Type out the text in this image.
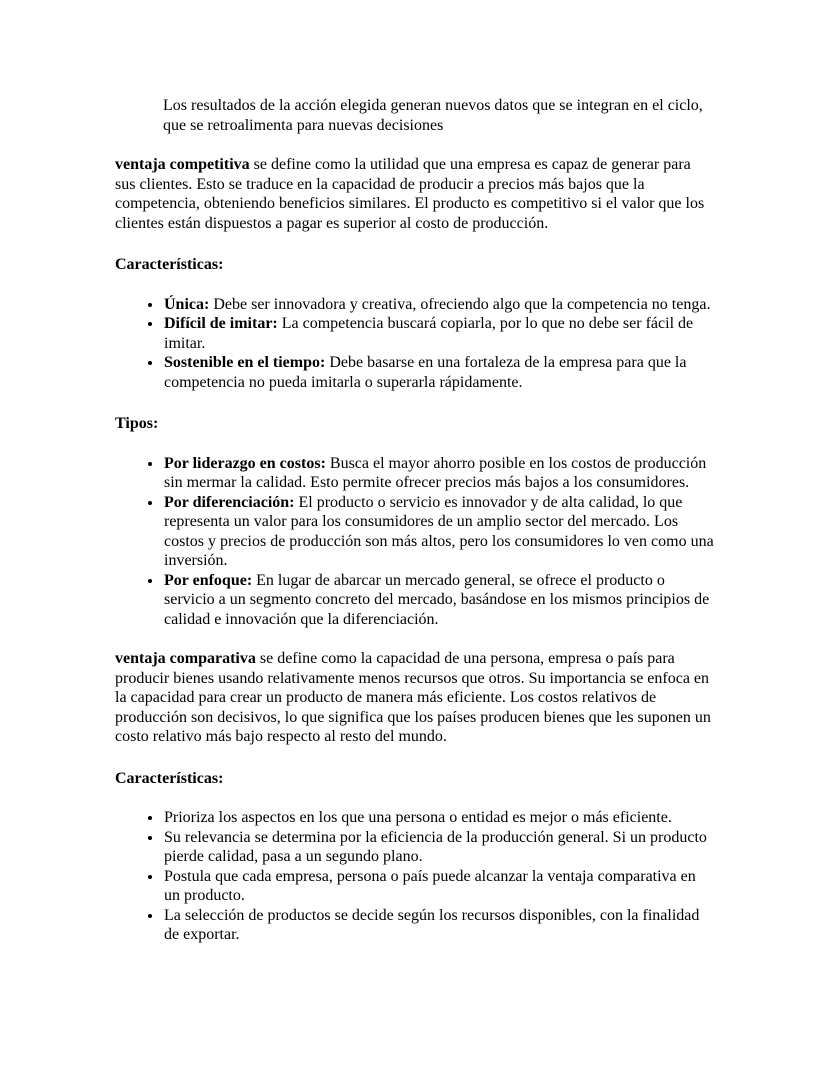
Los resultados de la acción elegida generan nuevos datos que se integran en el ciclo, que se retroalimenta para nuevas decisiones

ventaja competitiva se define como la utilidad que una empresa es capaz de generar para sus clientes. Esto se traduce en la capacidad de producir a precios más bajos que la competencia, obteniendo beneficios similares. El producto es competitivo si el valor que los clientes están dispuestos a pagar es superior al costo de producción.

Características:

• Única: Debe ser innovadora y creativa, ofreciendo algo que la competencia no tenga.
• Difícil de imitar: La competencia buscará copiarla, por lo que no debe ser fácil de imitar.
• Sostenible en el tiempo: Debe basarse en una fortaleza de la empresa para que la competencia no pueda imitarla o superarla rápidamente.

Tipos:

• Por liderazgo en costos: Busca el mayor ahorro posible en los costos de producción sin mermar la calidad. Esto permite ofrecer precios más bajos a los consumidores.
• Por diferenciación: El producto o servicio es innovador y de alta calidad, lo que representa un valor para los consumidores de un amplio sector del mercado. Los costos y precios de producción son más altos, pero los consumidores lo ven como una inversión.
• Por enfoque: En lugar de abarcar un mercado general, se ofrece el producto o servicio a un segmento concreto del mercado, basándose en los mismos principios de calidad e innovación que la diferenciación.

ventaja comparativa se define como la capacidad de una persona, empresa o país para producir bienes usando relativamente menos recursos que otros. Su importancia se enfoca en la capacidad para crear un producto de manera más eficiente. Los costos relativos de producción son decisivos, lo que significa que los países producen bienes que les suponen un costo relativo más bajo respecto al resto del mundo.

Características:

• Prioriza los aspectos en los que una persona o entidad es mejor o más eficiente.
• Su relevancia se determina por la eficiencia de la producción general. Si un producto pierde calidad, pasa a un segundo plano.
• Postula que cada empresa, persona o país puede alcanzar la ventaja comparativa en un producto.
• La selección de productos se decide según los recursos disponibles, con la finalidad de exportar.
